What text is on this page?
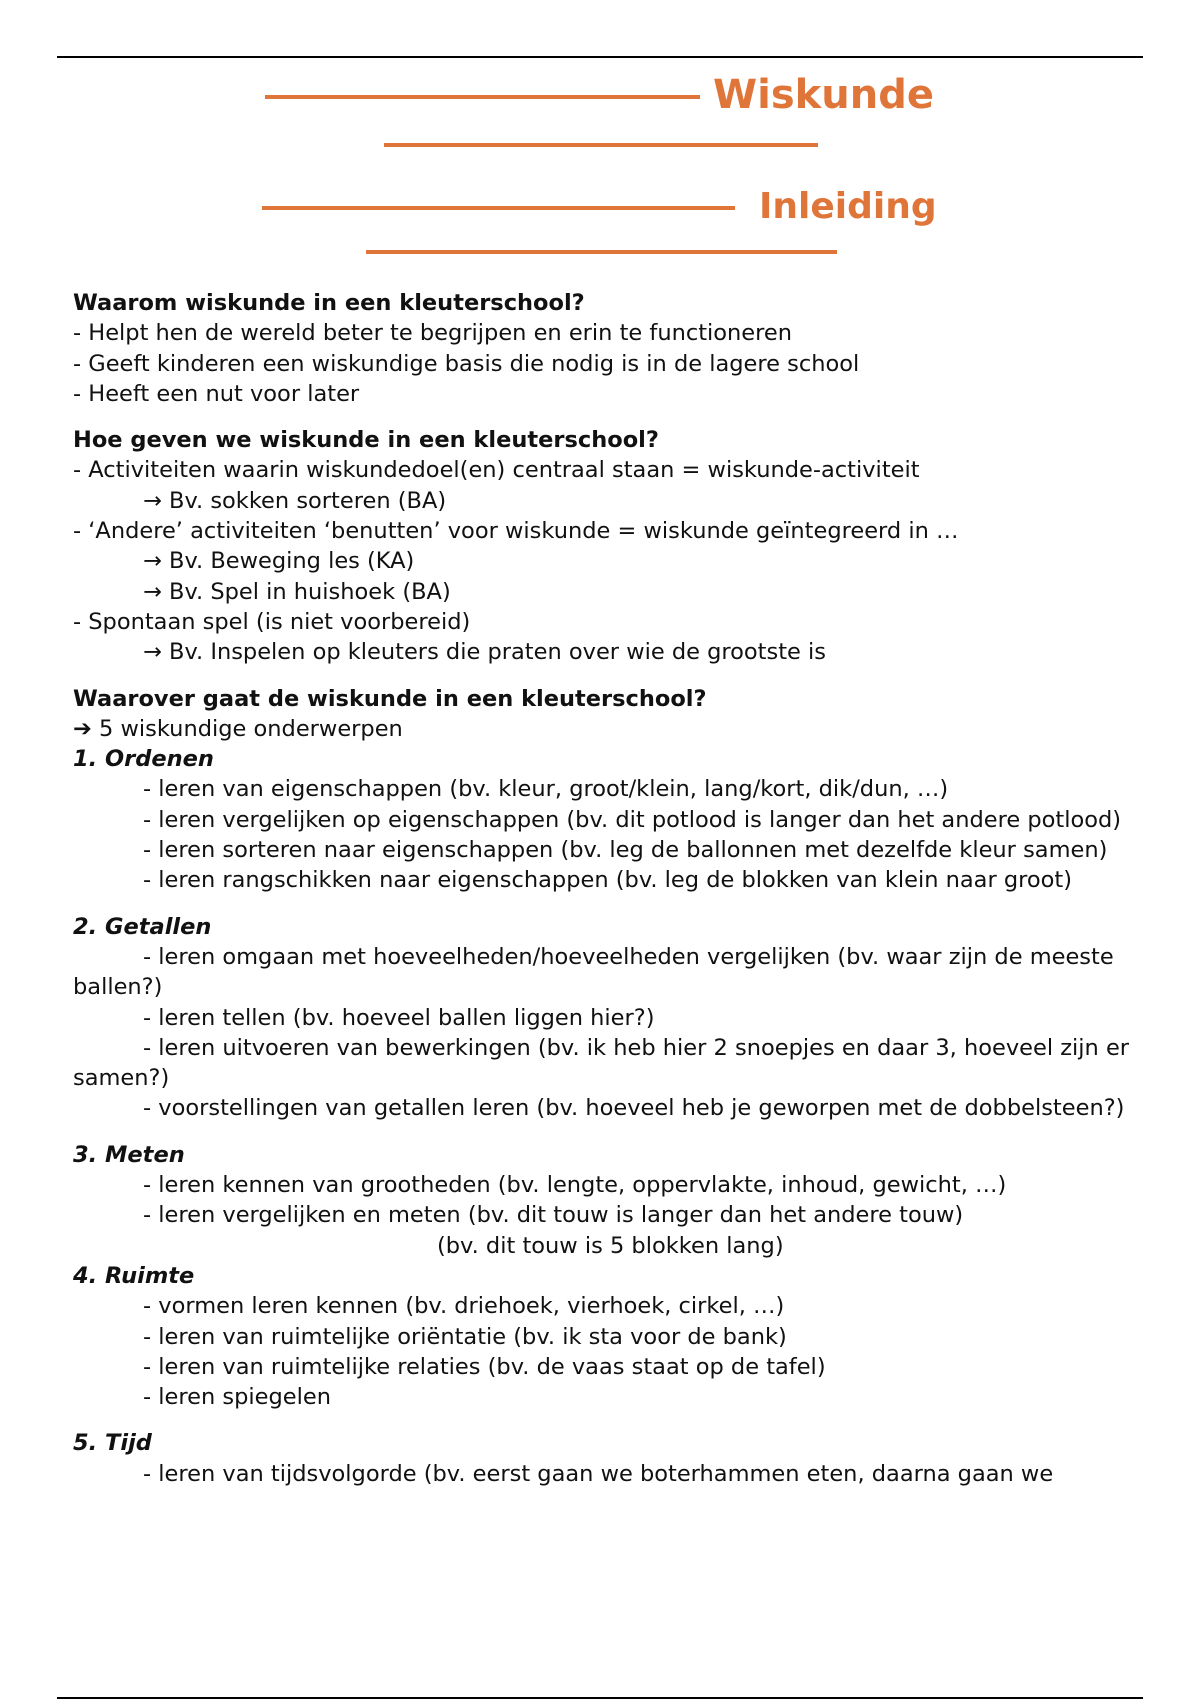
Wiskunde
Inleiding

Waarom wiskunde in een kleuterschool?

- Helpt hen de wereld beter te begrijpen en erin te functioneren

- Geeft kinderen een wiskundige basis die nodig is in de lagere school

- Heeft een nut voor later

Hoe geven we wiskunde in een kleuterschool?

- Activiteiten waarin wiskundedoel(en) centraal staan = wiskunde-activiteit

→ Bv. sokken sorteren (BA)

- ‘Andere’ activiteiten ‘benutten’ voor wiskunde = wiskunde geïntegreerd in …

→ Bv. Beweging les (KA)

→ Bv. Spel in huishoek (BA)

- Spontaan spel (is niet voorbereid)

→ Bv. Inspelen op kleuters die praten over wie de grootste is

Waarover gaat de wiskunde in een kleuterschool?

➔ 5 wiskundige onderwerpen

1. Ordenen

- leren van eigenschappen (bv. kleur, groot/klein, lang/kort, dik/dun, …)

- leren vergelijken op eigenschappen (bv. dit potlood is langer dan het andere potlood)

- leren sorteren naar eigenschappen (bv. leg de ballonnen met dezelfde kleur samen)

- leren rangschikken naar eigenschappen (bv. leg de blokken van klein naar groot)

2. Getallen

- leren omgaan met hoeveelheden/hoeveelheden vergelijken (bv. waar zijn de meeste ballen?)

- leren tellen (bv. hoeveel ballen liggen hier?)

- leren uitvoeren van bewerkingen (bv. ik heb hier 2 snoepjes en daar 3, hoeveel zijn er samen?)

- voorstellingen van getallen leren (bv. hoeveel heb je geworpen met de dobbelsteen?)

3. Meten

- leren kennen van grootheden (bv. lengte, oppervlakte, inhoud, gewicht, …)

- leren vergelijken en meten (bv. dit touw is langer dan het andere touw)

(bv. dit touw is 5 blokken lang)

4. Ruimte

- vormen leren kennen (bv. driehoek, vierhoek, cirkel, …)

- leren van ruimtelijke oriëntatie (bv. ik sta voor de bank)

- leren van ruimtelijke relaties (bv. de vaas staat op de tafel)

- leren spiegelen

5. Tijd

- leren van tijdsvolgorde (bv. eerst gaan we boterhammen eten, daarna gaan we
